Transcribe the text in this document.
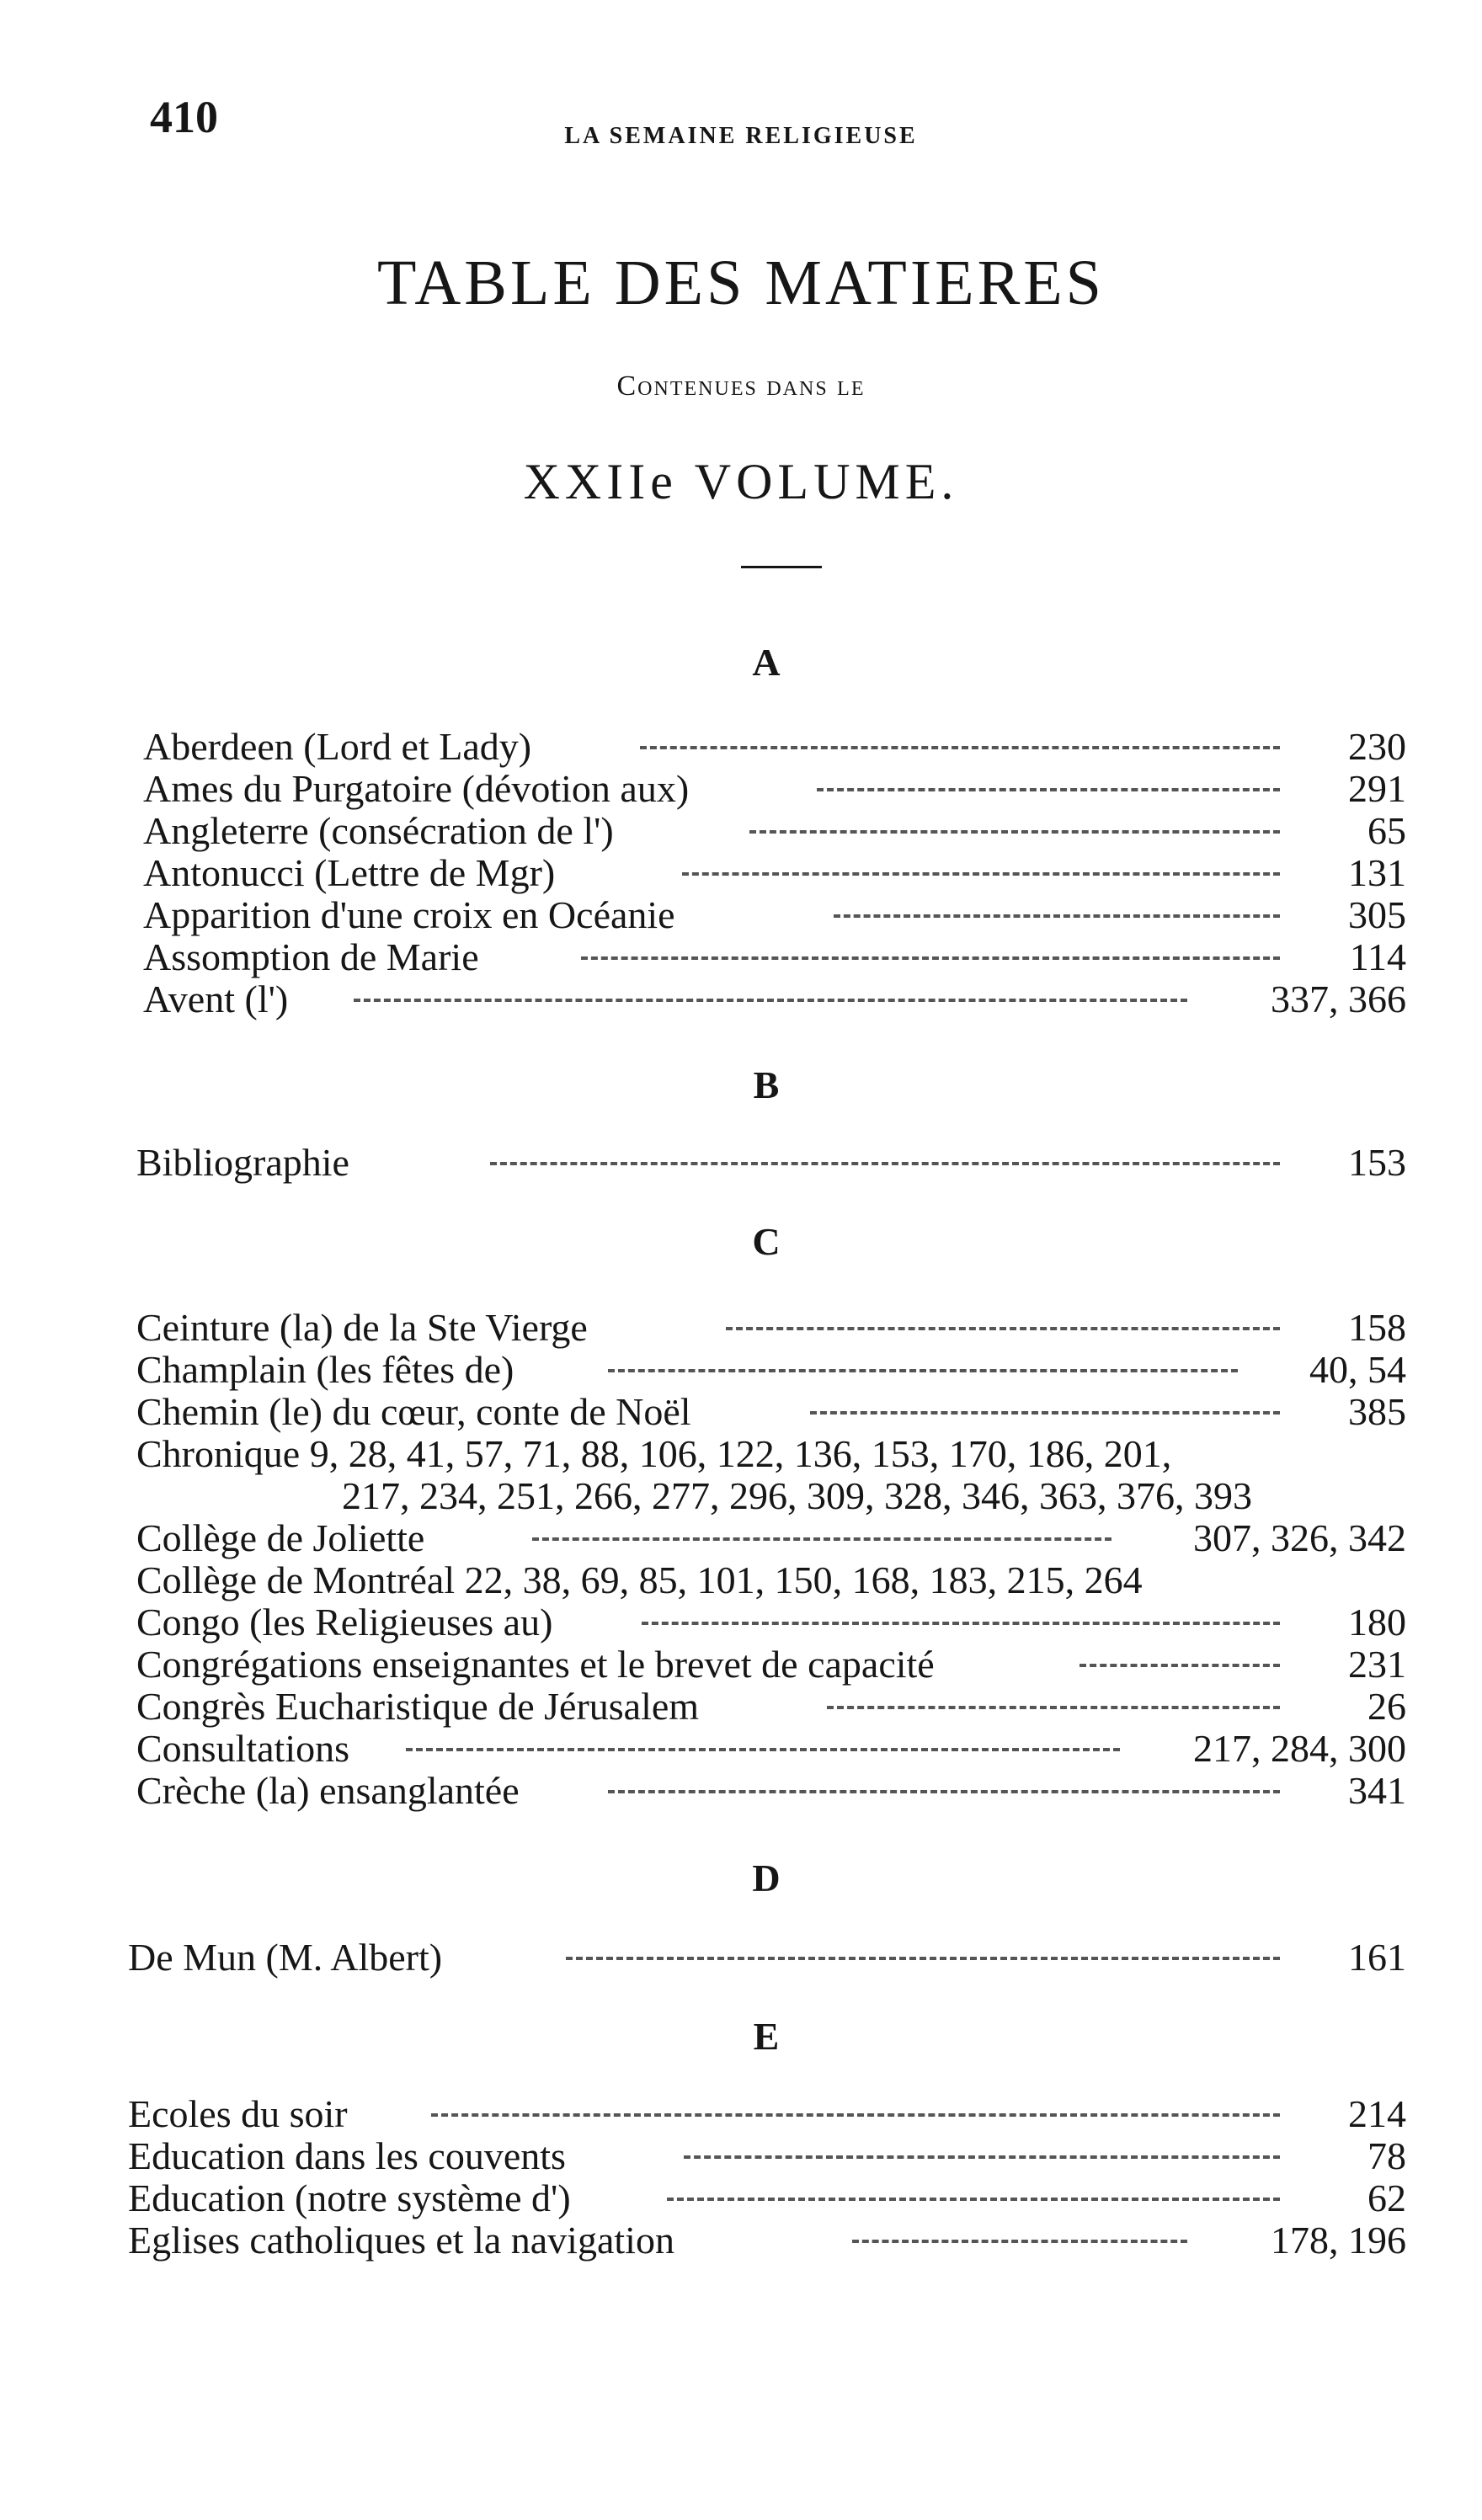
410	LA SEMAINE RELIGIEUSE
TABLE DES MATIERES
Contenues dans le
XXIIe VOLUME.
A
Aberdeen (Lord et Lady)	230
Ames du Purgatoire (dévotion aux)	291
Angleterre (consécration de l')	65
Antonucci (Lettre de Mgr)	131
Apparition d'une croix en Océanie	305
Assomption de Marie	114
Avent (l')	337, 366
B
Bibliographie	153
C
Ceinture (la) de la Ste Vierge	158
Champlain (les fêtes de)	40, 54
Chemin (le) du cœur, conte de Noël	385
Chronique 9, 28, 41, 57, 71, 88, 106, 122, 136, 153, 170, 186, 201,
217, 234, 251, 266, 277, 296, 309, 328, 346, 363, 376, 393
Collège de Joliette	307, 326, 342
Collège de Montréal 22, 38, 69, 85, 101, 150, 168, 183, 215, 264
Congo (les Religieuses au)	180
Congrégations enseignantes et le brevet de capacité	231
Congrès Eucharistique de Jérusalem	26
Consultations	217, 284, 300
Crèche (la) ensanglantée	341
D
De Mun (M. Albert)	161
E
Ecoles du soir	214
Education dans les couvents	78
Education (notre système d')	62
Eglises catholiques et la navigation	178, 196
